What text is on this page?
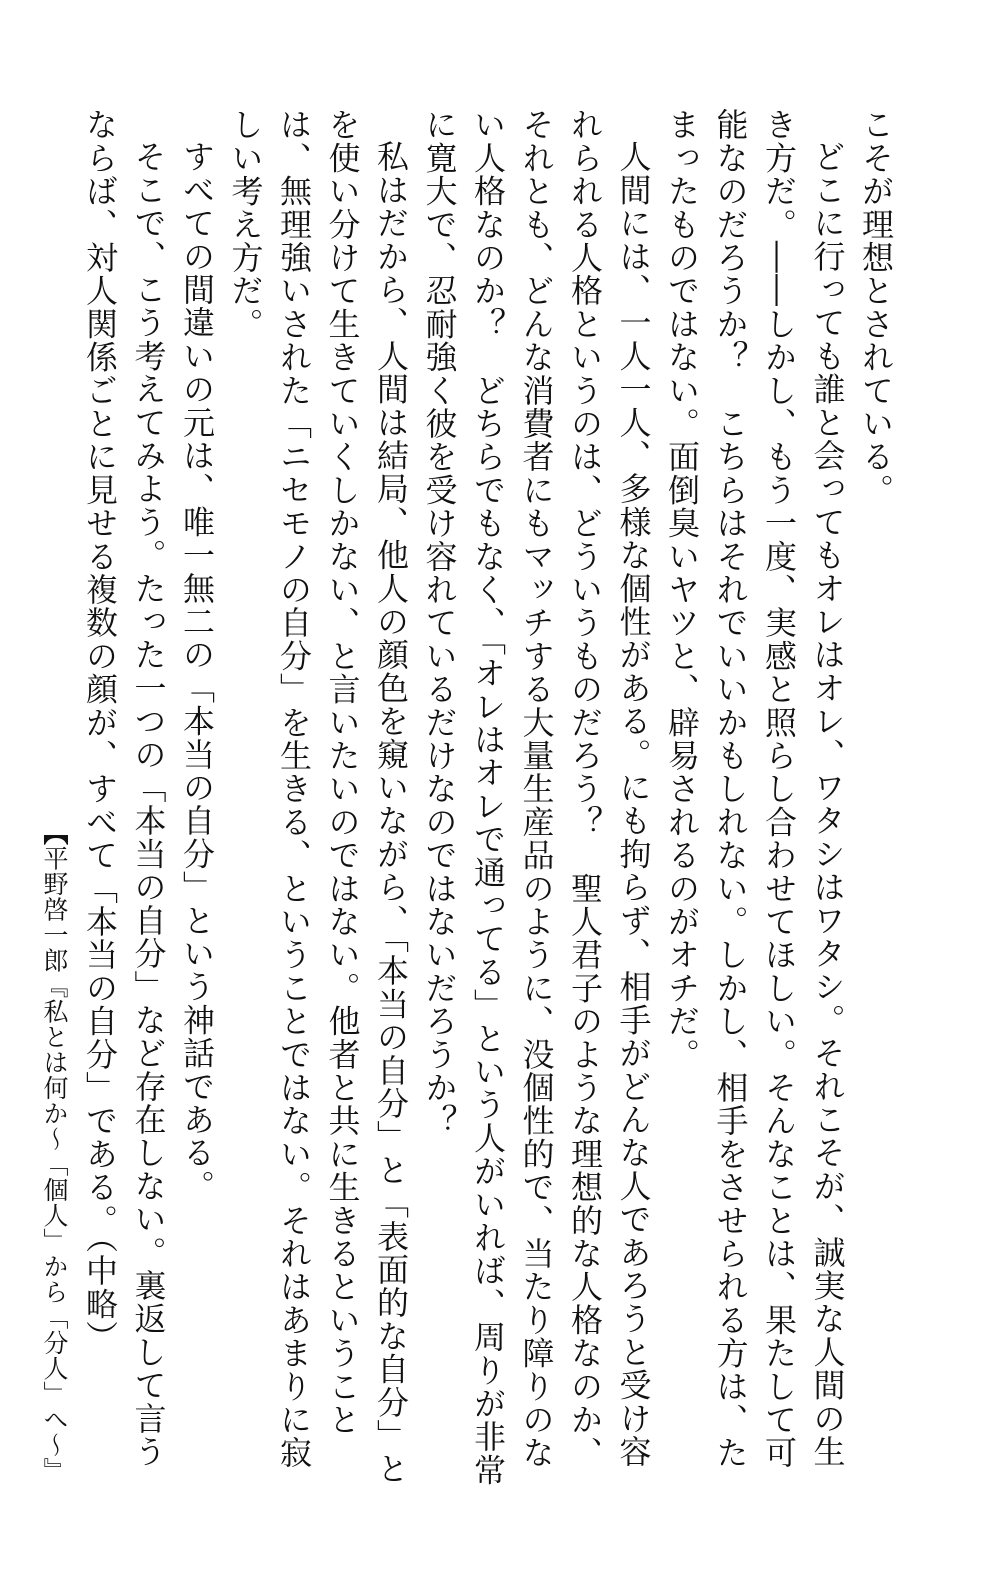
こそが理想とされている。

どこに行っても誰と会ってもオレはオレ、ワタシはワタシ。それこそが、誠実な人間の生き方だ。――しかし、もう一度、実感と照らし合わせてほしい。そんなことは、果たして可能なのだろうか？　こちらはそれでいいかもしれない。しかし、相手をさせられる方は、たまったものではない。面倒臭いヤツと、辟易されるのがオチだ。

人間には、一人一人、多様な個性がある。にも拘らず、相手がどんな人であろうと受け容れられる人格というのは、どういうものだろう？　聖人君子のような理想的な人格なのか、それとも、どんな消費者にもマッチする大量生産品のように、没個性的で、当たり障りのない人格なのか？　どちらでもなく、「オレはオレで通ってる」という人がいれば、周りが非常に寛大で、忍耐強く彼を受け容れているだけなのではないだろうか？

私はだから、人間は結局、他人の顔色を窺いながら、「本当の自分」と「表面的な自分」とを使い分けて生きていくしかない、と言いたいのではない。他者と共に生きるということは、無理強いされた「ニセモノの自分」を生きる、ということではない。それはあまりに寂しい考え方だ。

すべての間違いの元は、唯一無二の「本当の自分」という神話である。

そこで、こう考えてみよう。たった一つの「本当の自分」など存在しない。裏返して言うならば、対人関係ごとに見せる複数の顔が、すべて「本当の自分」である。（中略）

【平野啓一郎『私とは何か～「個人」から「分人」へ～』
